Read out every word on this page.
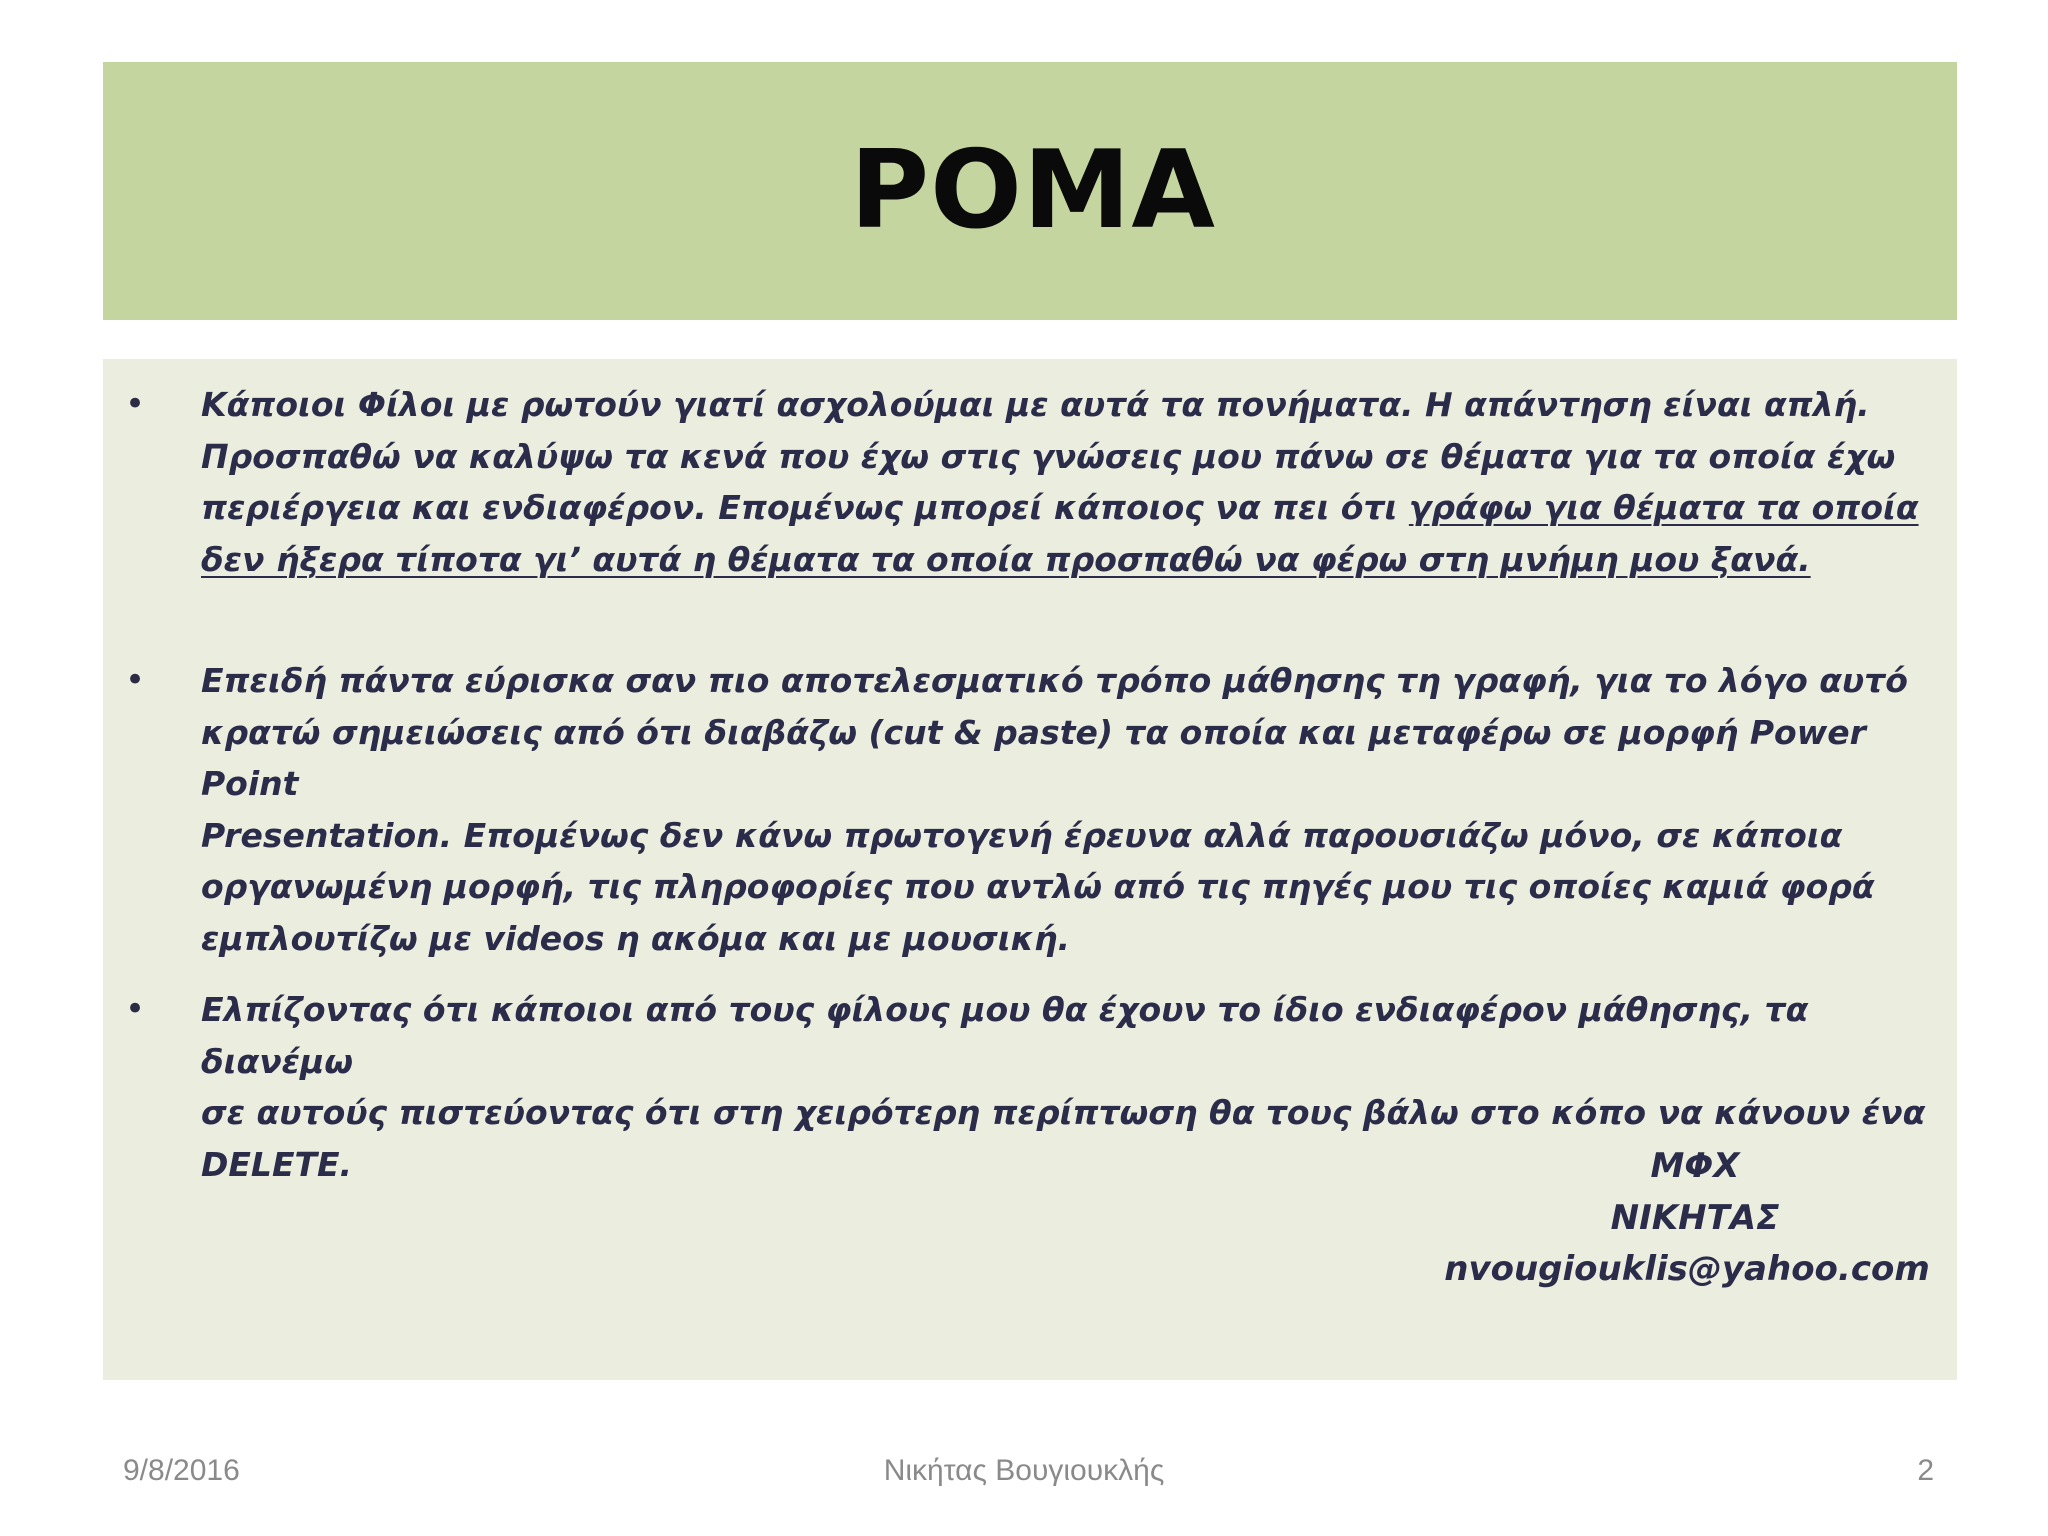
ΡΟΜΑ
• Κάποιοι Φίλοι με ρωτούν γιατί ασχολούμαι με αυτά τα πονήματα. Η απάντηση είναι απλή.
Προσπαθώ να καλύψω τα κενά που έχω στις γνώσεις μου πάνω σε θέματα για τα οποία έχω
περιέργεια και ενδιαφέρον. Επομένως μπορεί κάποιος να πει ότι γράφω για θέματα τα οποία
δεν ήξερα τίποτα γι’ αυτά η θέματα τα οποία προσπαθώ να φέρω στη μνήμη μου ξανά.
• Επειδή πάντα εύρισκα σαν πιο αποτελεσματικό τρόπο μάθησης τη γραφή, για το λόγο αυτό
κρατώ σημειώσεις από ότι διαβάζω (cut & paste) τα οποία και μεταφέρω σε μορφή Power Point
Presentation. Επομένως δεν κάνω πρωτογενή έρευνα αλλά παρουσιάζω μόνο, σε κάποια
οργανωμένη μορφή, τις πληροφορίες που αντλώ από τις πηγές μου τις οποίες καμιά φορά
εμπλουτίζω με videos η ακόμα και με μουσική.
• Ελπίζοντας ότι κάποιοι από τους φίλους μου θα έχουν το ίδιο ενδιαφέρον μάθησης, τα διανέμω
σε αυτούς πιστεύοντας ότι στη χειρότερη περίπτωση θα τους βάλω στο κόπο να κάνουν ένα
DELETE.	ΜΦΧ
ΝΙΚΗΤΑΣ
nvougiouklis@yahoo.com
9/8/2016	Νικήτας Βουγιουκλής	2
